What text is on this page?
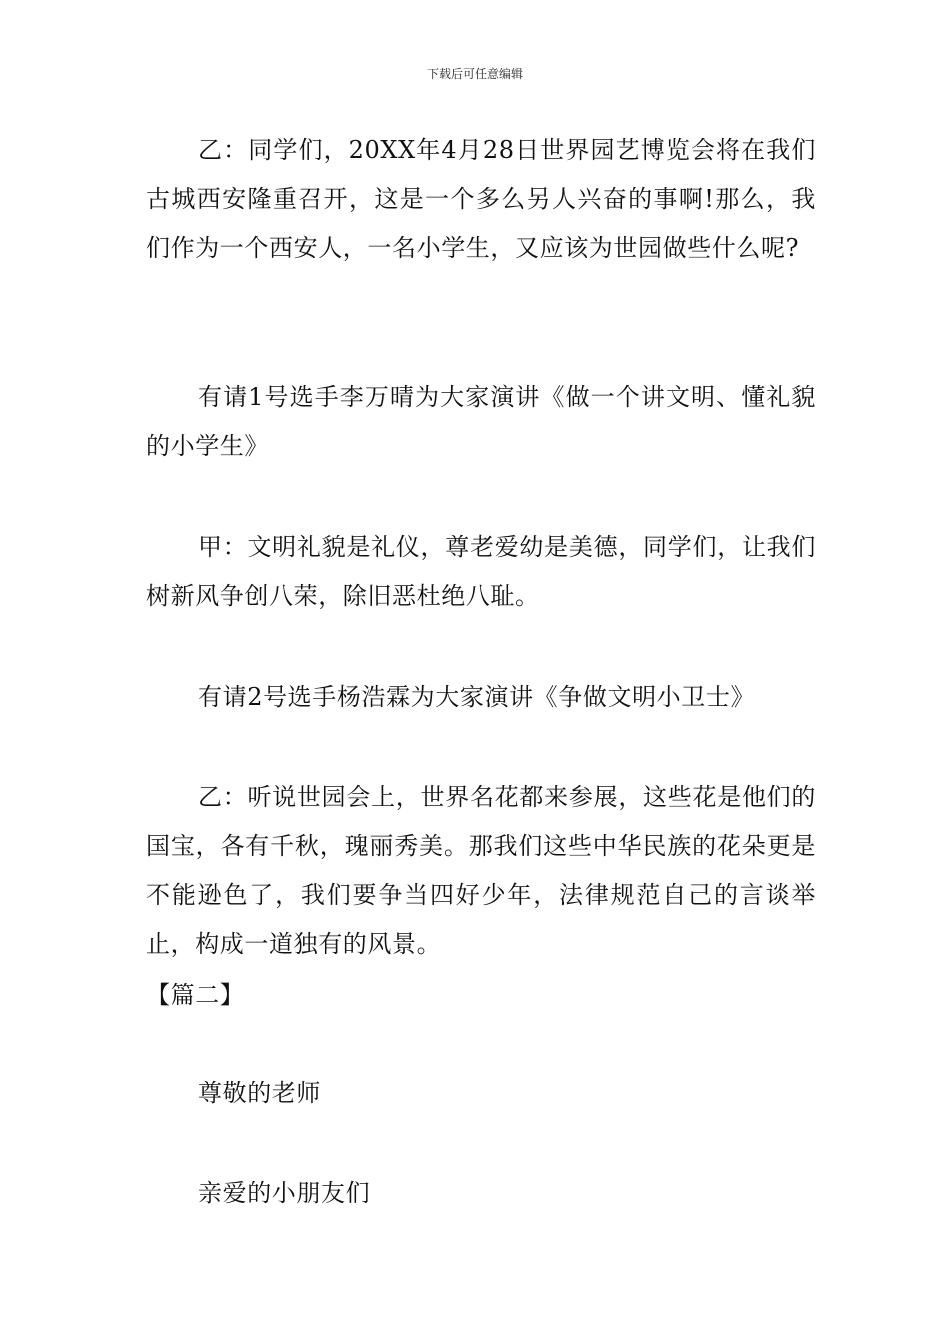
下载后可任意编辑

乙：同学们，20XX年4月28日世界园艺博览会将在我们古城西安隆重召开，这是一个多么另人兴奋的事啊!那么，我们作为一个西安人，一名小学生，又应该为世园做些什么呢?

有请1号选手李万晴为大家演讲《做一个讲文明、懂礼貌的小学生》

甲：文明礼貌是礼仪，尊老爱幼是美德，同学们，让我们树新风争创八荣，除旧恶杜绝八耻。

有请2号选手杨浩霖为大家演讲《争做文明小卫士》

乙：听说世园会上，世界名花都来参展，这些花是他们的国宝，各有千秋，瑰丽秀美。那我们这些中华民族的花朵更是不能逊色了，我们要争当四好少年，法律规范自己的言谈举止，构成一道独有的风景。

【篇二】

尊敬的老师

亲爱的小朋友们
